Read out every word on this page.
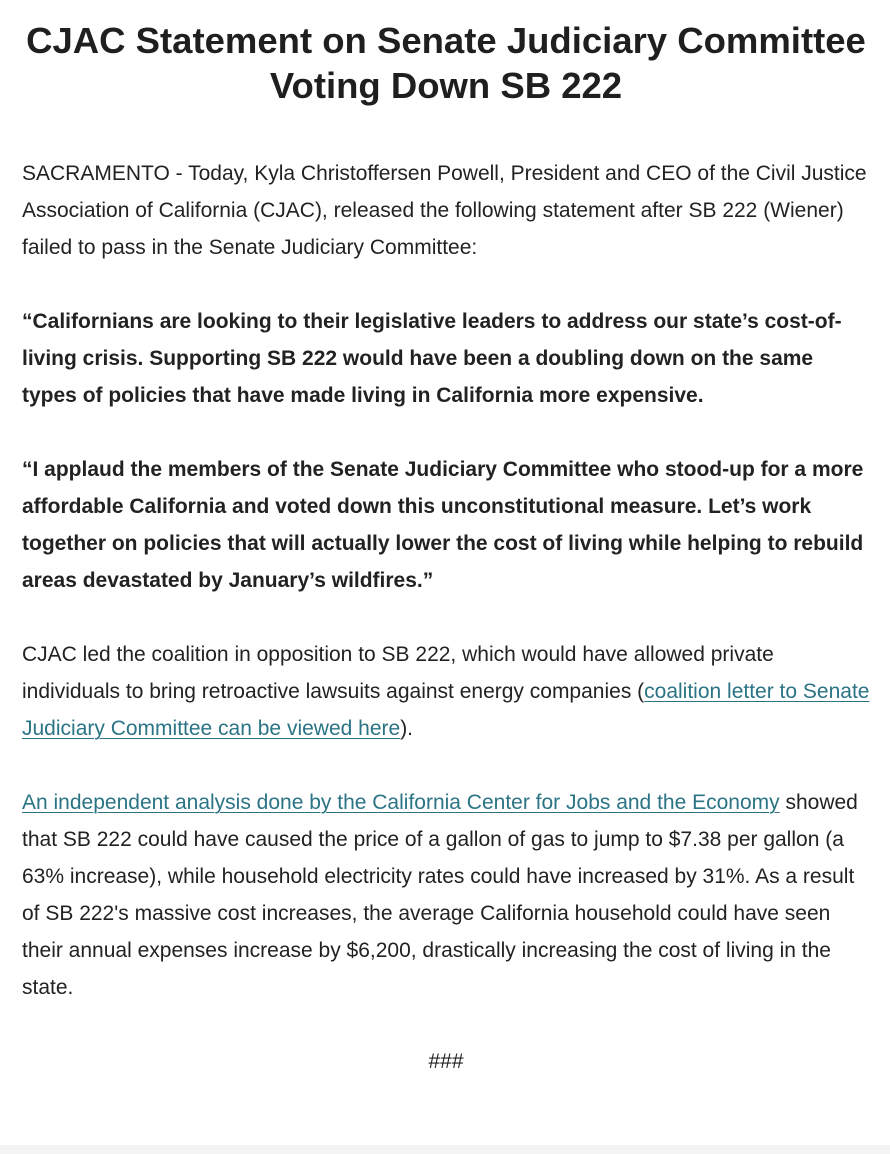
CJAC Statement on Senate Judiciary Committee Voting Down SB 222

SACRAMENTO - Today, Kyla Christoffersen Powell, President and CEO of the Civil Justice Association of California (CJAC), released the following statement after SB 222 (Wiener) failed to pass in the Senate Judiciary Committee:

“Californians are looking to their legislative leaders to address our state’s cost-of-living crisis. Supporting SB 222 would have been a doubling down on the same types of policies that have made living in California more expensive.

“I applaud the members of the Senate Judiciary Committee who stood-up for a more affordable California and voted down this unconstitutional measure. Let’s work together on policies that will actually lower the cost of living while helping to rebuild areas devastated by January’s wildfires.”

CJAC led the coalition in opposition to SB 222, which would have allowed private individuals to bring retroactive lawsuits against energy companies (coalition letter to Senate Judiciary Committee can be viewed here).

An independent analysis done by the California Center for Jobs and the Economy showed that SB 222 could have caused the price of a gallon of gas to jump to $7.38 per gallon (a 63% increase), while household electricity rates could have increased by 31%. As a result of SB 222's massive cost increases, the average California household could have seen their annual expenses increase by $6,200, drastically increasing the cost of living in the state.

###
